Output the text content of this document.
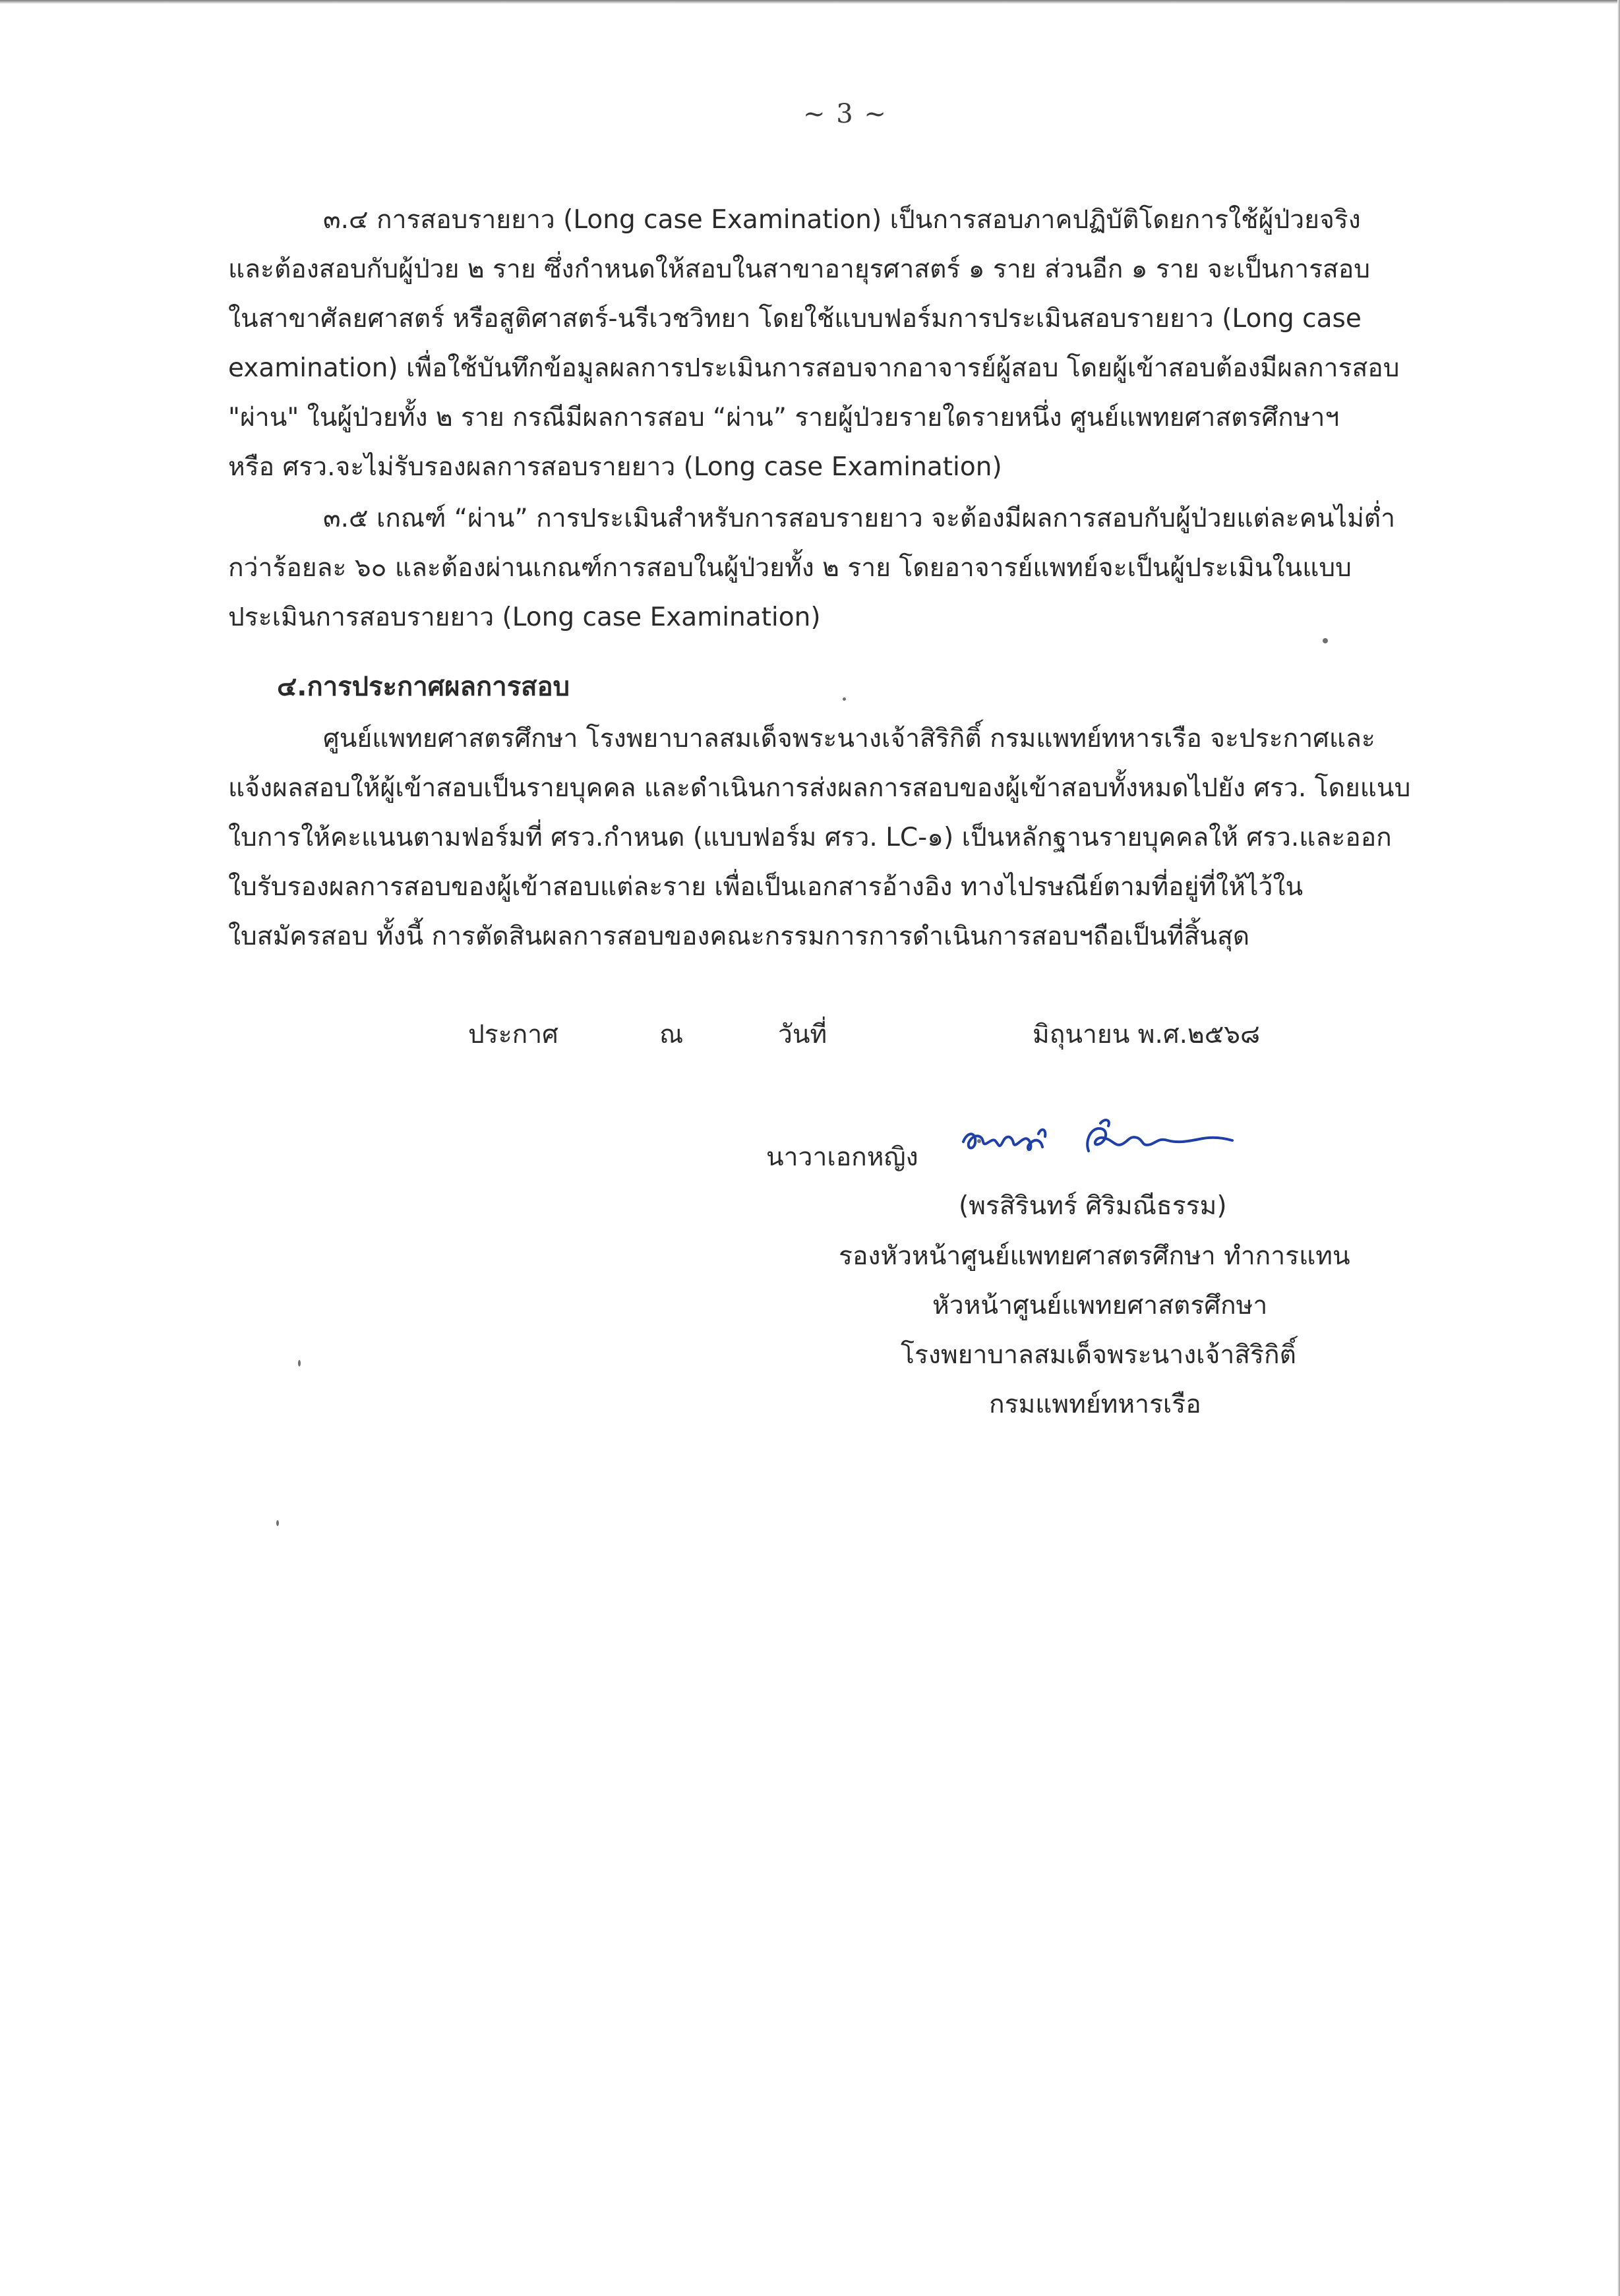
~ 3 ~

๓.๔ การสอบรายยาว (Long case Examination) เป็นการสอบภาคปฏิบัติโดยการใช้ผู้ป่วยจริง
และต้องสอบกับผู้ป่วย ๒ ราย ซึ่งกำหนดให้สอบในสาขาอายุรศาสตร์ ๑ ราย ส่วนอีก ๑ ราย จะเป็นการสอบ
ในสาขาศัลยศาสตร์ หรือสูติศาสตร์-นรีเวชวิทยา โดยใช้แบบฟอร์มการประเมินสอบรายยาว (Long case
examination) เพื่อใช้บันทึกข้อมูลผลการประเมินการสอบจากอาจารย์ผู้สอบ โดยผู้เข้าสอบต้องมีผลการสอบ
"ผ่าน" ในผู้ป่วยทั้ง ๒ ราย กรณีมีผลการสอบ “ผ่าน” รายผู้ป่วยรายใดรายหนึ่ง ศูนย์แพทยศาสตรศึกษาฯ
หรือ ศรว.จะไม่รับรองผลการสอบรายยาว (Long case Examination)

๓.๕ เกณฑ์ “ผ่าน” การประเมินสำหรับการสอบรายยาว จะต้องมีผลการสอบกับผู้ป่วยแต่ละคนไม่ต่ำ
กว่าร้อยละ ๖๐ และต้องผ่านเกณฑ์การสอบในผู้ป่วยทั้ง ๒ ราย โดยอาจารย์แพทย์จะเป็นผู้ประเมินในแบบ
ประเมินการสอบรายยาว (Long case Examination)

๔.การประกาศผลการสอบ

ศูนย์แพทยศาสตรศึกษา โรงพยาบาลสมเด็จพระนางเจ้าสิริกิติ์ กรมแพทย์ทหารเรือ จะประกาศและ
แจ้งผลสอบให้ผู้เข้าสอบเป็นรายบุคคล และดำเนินการส่งผลการสอบของผู้เข้าสอบทั้งหมดไปยัง ศรว. โดยแนบ
ใบการให้คะแนนตามฟอร์มที่ ศรว.กำหนด (แบบฟอร์ม ศรว. LC-๑) เป็นหลักฐานรายบุคคลให้ ศรว.และออก
ใบรับรองผลการสอบของผู้เข้าสอบแต่ละราย เพื่อเป็นเอกสารอ้างอิง ทางไปรษณีย์ตามที่อยู่ที่ให้ไว้ใน
ใบสมัครสอบ ทั้งนี้ การตัดสินผลการสอบของคณะกรรมการการดำเนินการสอบฯถือเป็นที่สิ้นสุด

ประกาศ	ณ	วันที่	มิถุนายน พ.ศ.๒๕๖๘
นาวาเอกหญิง
(พรสิรินทร์ ศิริมณีธรรม)
รองหัวหน้าศูนย์แพทยศาสตรศึกษา ทำการแทน
หัวหน้าศูนย์แพทยศาสตรศึกษา
โรงพยาบาลสมเด็จพระนางเจ้าสิริกิติ์
กรมแพทย์ทหารเรือ
